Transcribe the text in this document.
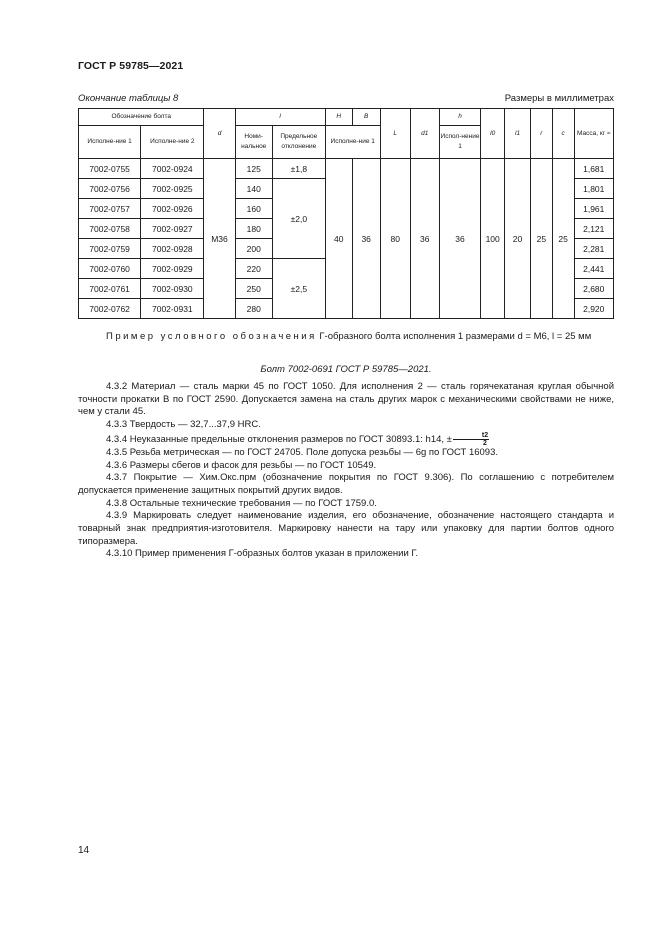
ГОСТ Р 59785—2021
Окончание таблицы 8	Размеры в миллиметрах
Обозначение болта		d	l		H	B	L	d1	h	l0	l1	r	c	Масса, кг ≈
Исполне-ние 1	Исполне-ние 2		Номи-нальное	Предельное отклонение	Исполне-ние 1				Испол-нение 1					
7002-0755	7002-0924	М36	125	±1,8	40	36	80	36	36	100	20	25	25	1,681
7002-0756	7002-0925		140	±2,0										1,801
7002-0757	7002-0926		160											1,961
7002-0758	7002-0927		180											2,121
7002-0759	7002-0928		200											2,281
7002-0760	7002-0929		220	±2,5										2,441
7002-0761	7002-0930		250											2,680
7002-0762	7002-0931		280											2,920
Пример условного обозначения Г-образного болта исполнения 1 размерами d = М6, l = 25 мм
Болт 7002-0691 ГОСТ Р 59785—2021.

4.3.2 Материал — сталь марки 45 по ГОСТ 1050. Для исполнения 2 — сталь горячекатаная круглая обычной точности прокатки В по ГОСТ 2590. Допускается замена на сталь других марок с механическими свойствами не ниже, чем у стали 45.

4.3.3 Твердость — 32,7...37,9 HRC.

4.3.4 Неуказанные предельные отклонения размеров по ГОСТ 30893.1: h14, ± $\frac{t2}{2}$

4.3.5 Резьба метрическая — по ГОСТ 24705. Поле допуска резьбы — 6g по ГОСТ 16093.

4.3.6 Размеры сбегов и фасок для резьбы — по ГОСТ 10549.

4.3.7 Покрытие — Хим.Окс.прм (обозначение покрытия по ГОСТ 9.306). По соглашению с потребителем допускается применение защитных покрытий других видов.

4.3.8 Остальные технические требования — по ГОСТ 1759.0.

4.3.9 Маркировать следует наименование изделия, его обозначение, обозначение настоящего стандарта и товарный знак предприятия-изготовителя. Маркировку нанести на тару или упаковку для партии болтов одного типоразмера.

4.3.10 Пример применения Г-образных болтов указан в приложении Г.

14
